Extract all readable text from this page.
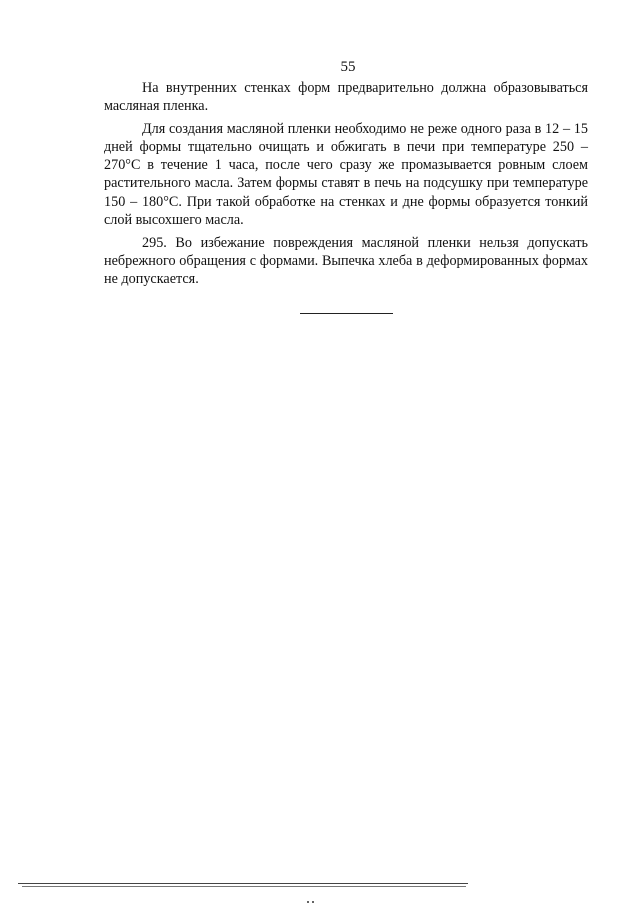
55

На внутренних стенках форм предварительно должна образовываться масляная пленка.

Для создания масляной пленки необходимо не реже одного раза в 12 – 15 дней формы тщательно очищать и обжигать в печи при температуре 250 – 270°С в течение 1 часа, после чего сразу же промазывается ровным слоем растительного масла. Затем формы ставят в печь на подсушку при температуре 150 – 180°С. При такой обработке на стенках и дне формы образуется тонкий слой высохшего масла.

295. Во избежание повреждения масляной пленки нельзя допускать небрежного обращения с формами. Выпечка хлеба в деформированных формах не допускается.
